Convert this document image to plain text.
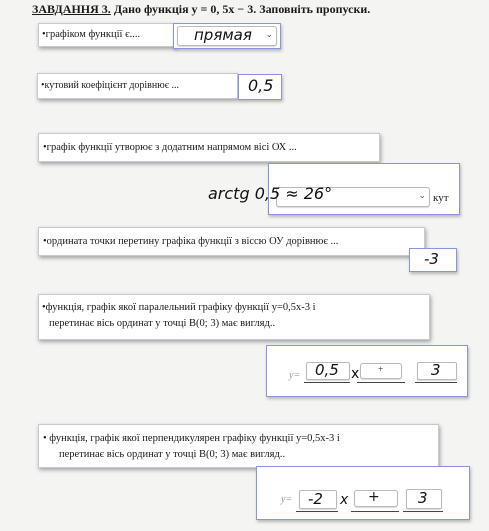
ЗАВДАННЯ 3. Дано функція y = 0, 5x − 3. Заповніть пропуски.
•графіком функції є....	прямая ⌄
•кутовий коефіцієнт дорівнює ...	0,5
•графік функції утворює з додатним напрямом вісі ОХ ...
⌄
arctg 0,5 ≈ 26°	кут
•ордината точки перетину графіка функції з віссю ОУ дорівнює ...
-3
•функція, графік якої паралельний графіку функції y=0,5x-3 і
перетинає вісь ординат у точці B(0; 3) має вигляд..
y= 0,5 x +	3
• функція, графік якої перпендикулярен графіку функції y=0,5x-3 і
перетинає вісь ординат у точці B(0; 3) має вигляд..
y= -2 x +	3
